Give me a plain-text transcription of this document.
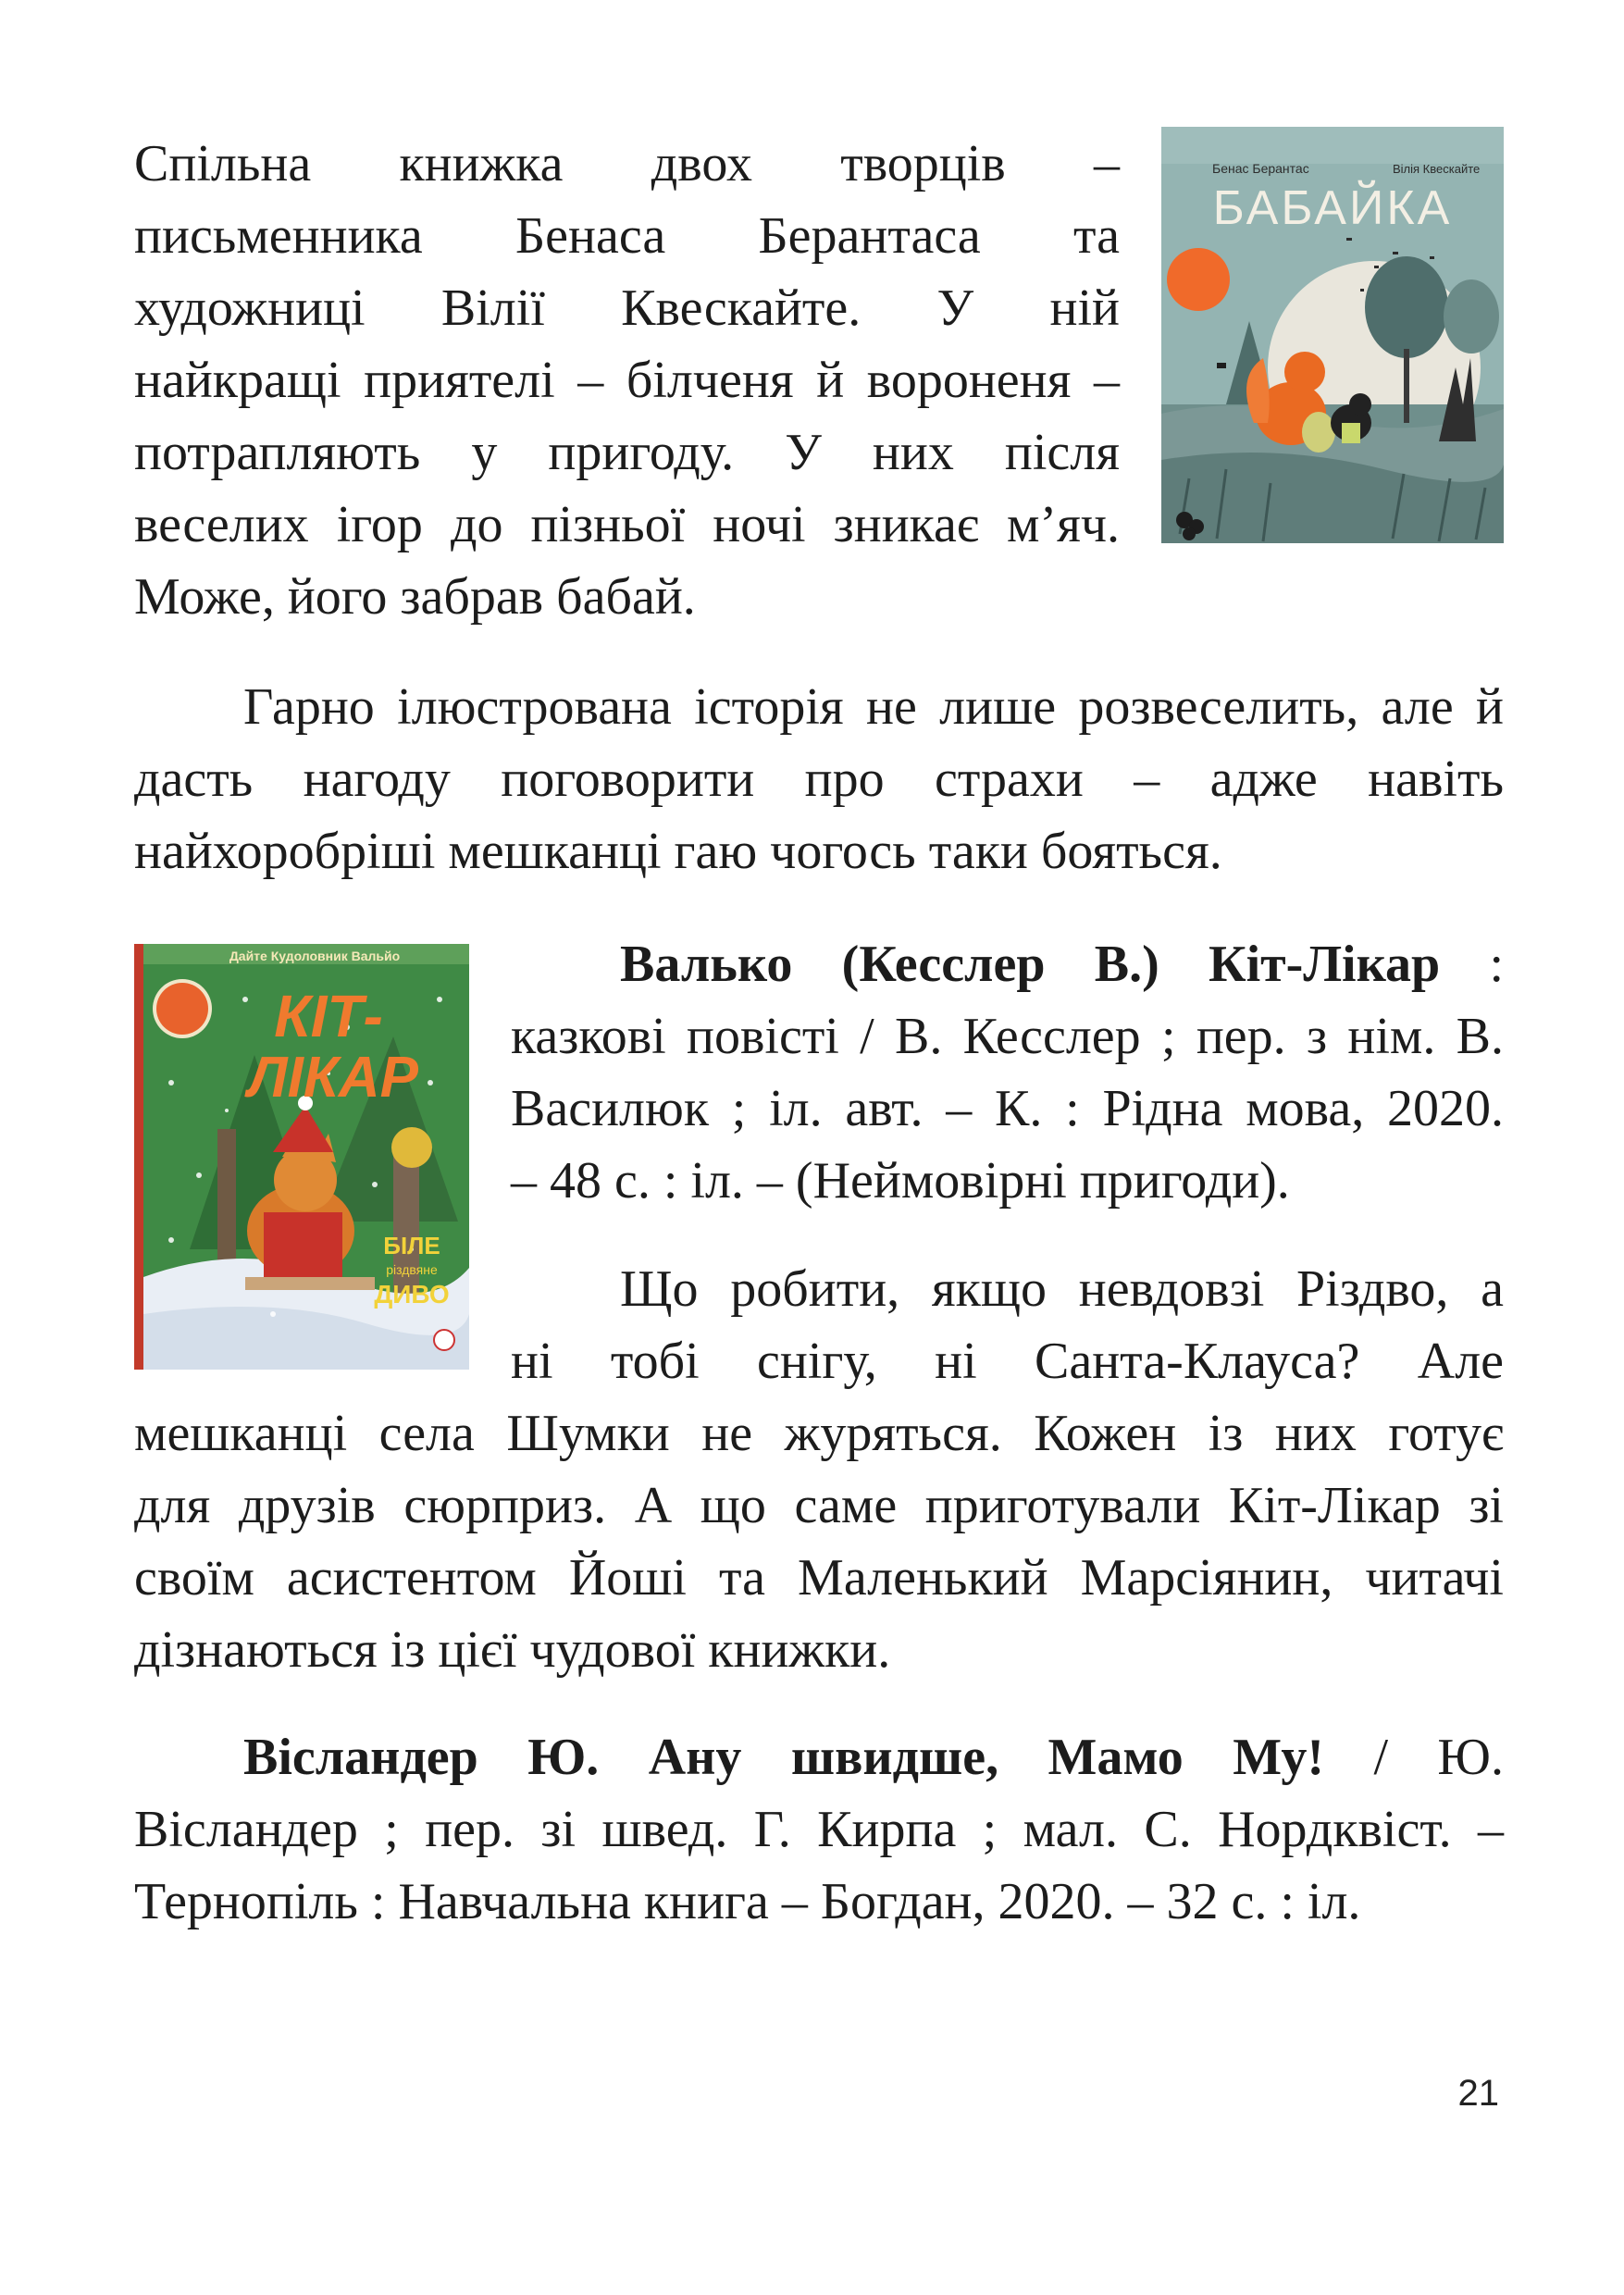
Спільна книжка двох творців –
письменника Бенаса Берантаса та
художниці Вілії Квескайте. У ній
найкращі приятелі – білченя й вороненя –
потрапляють у пригоду. У них після
веселих ігор до пізньої ночі зникає м’яч.
Може, його забрав бабай.
Бенас Берантас	Вілія Квескайте
БАБАЙКА
Гарно ілюстрована історія не лише розвеселить, але й
дасть нагоду поговорити про страхи – адже навіть
найхоробріші мешканці гаю чогось таки бояться.
Дайте Кудоловник Вальйо
КІТ-
ЛІКАР
БІЛЕ
різдвяне
ДИВО
Валько (Кесслер В.) Кіт-Лікар :
казкові повісті / В. Кесслер ; пер. з нім. В.
Василюк ; іл. авт. – К. : Рідна мова, 2020.
– 48 с. : іл. – (Неймовірні пригоди).
Що робити, якщо невдовзі Різдво, а
ні тобі снігу, ні Санта-Клауса? Але
мешканці села Шумки не журяться. Кожен із них готує
для друзів сюрприз. А що саме приготували Кіт-Лікар зі
своїм асистентом Йоші та Маленький Марсіянин, читачі
дізнаються із цієї чудової книжки.
Вісландер Ю. Ану швидше, Мамо Му! / Ю.
Вісландер ; пер. зі швед. Г. Кирпа ; мал. С. Нордквіст. –
Тернопіль : Навчальна книга – Богдан, 2020. – 32 с. : іл.
21
